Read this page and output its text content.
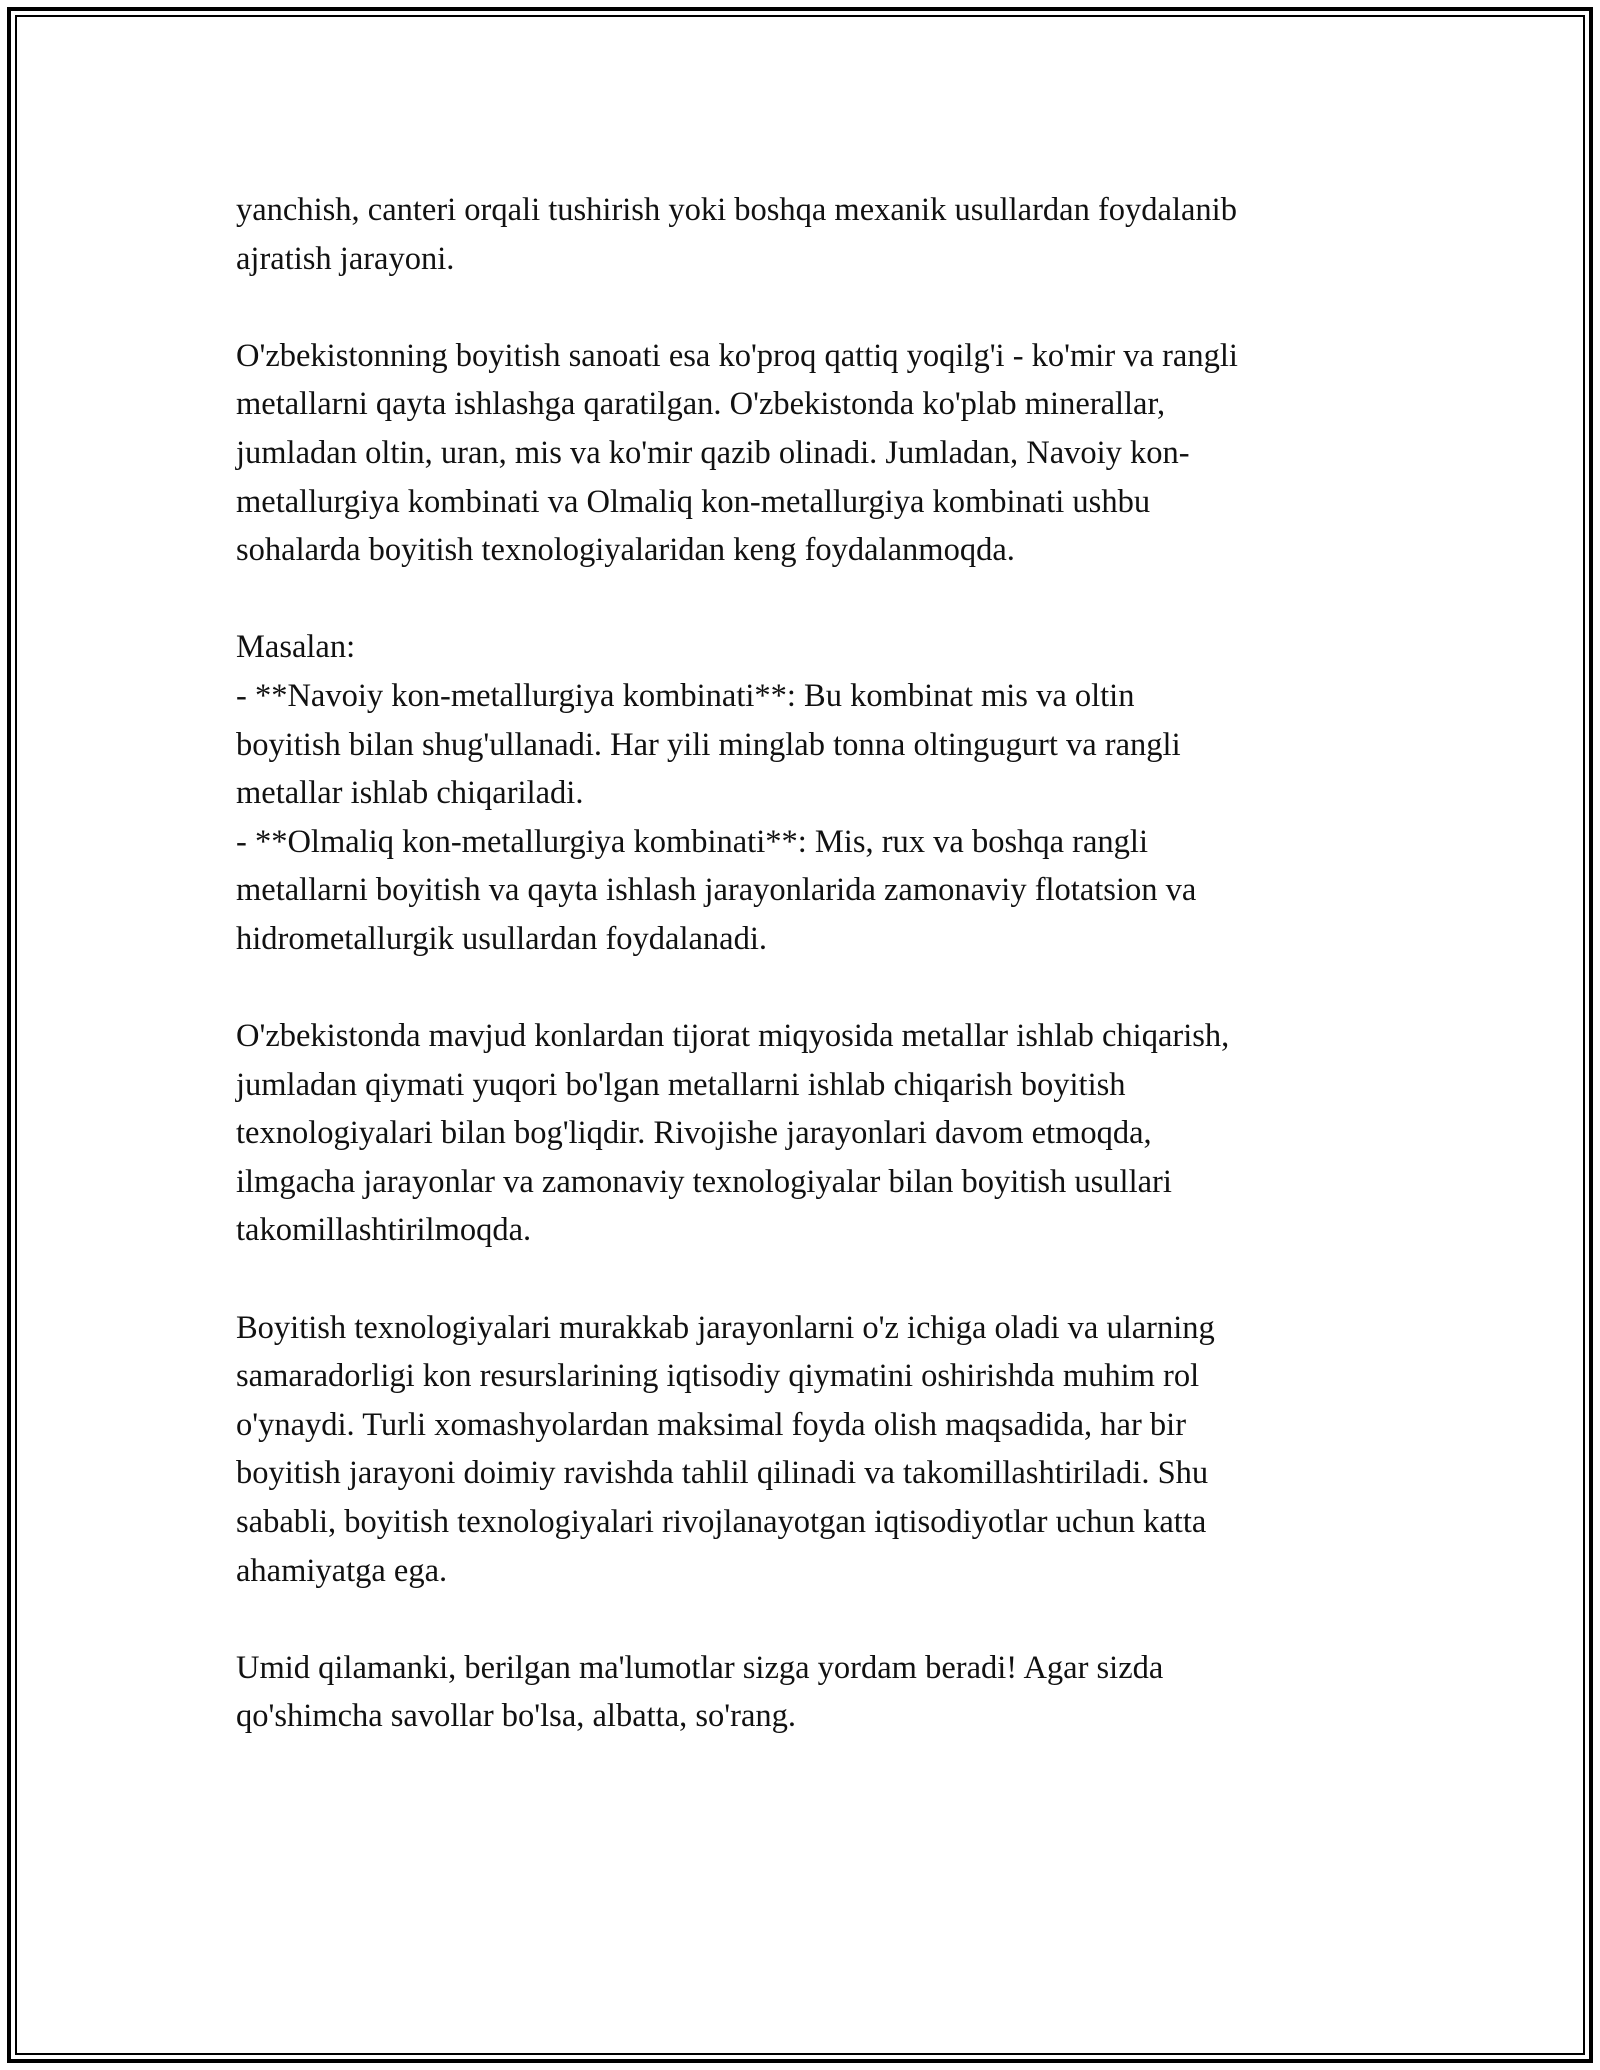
yanchish, canteri orqali tushirish yoki boshqa mexanik usullardan foydalanib
ajratish jarayoni.

O'zbekistonning boyitish sanoati esa ko'proq qattiq yoqilg'i - ko'mir va rangli
metallarni qayta ishlashga qaratilgan. O'zbekistonda ko'plab minerallar,
jumladan oltin, uran, mis va ko'mir qazib olinadi. Jumladan, Navoiy kon-
metallurgiya kombinati va Olmaliq kon-metallurgiya kombinati ushbu
sohalarda boyitish texnologiyalaridan keng foydalanmoqda.

Masalan:
- **Navoiy kon-metallurgiya kombinati**: Bu kombinat mis va oltin
boyitish bilan shug'ullanadi. Har yili minglab tonna oltingugurt va rangli
metallar ishlab chiqariladi.
- **Olmaliq kon-metallurgiya kombinati**: Mis, rux va boshqa rangli
metallarni boyitish va qayta ishlash jarayonlarida zamonaviy flotatsion va
hidrometallurgik usullardan foydalanadi.

O'zbekistonda mavjud konlardan tijorat miqyosida metallar ishlab chiqarish,
jumladan qiymati yuqori bo'lgan metallarni ishlab chiqarish boyitish
texnologiyalari bilan bog'liqdir. Rivojishe jarayonlari davom etmoqda,
ilmgacha jarayonlar va zamonaviy texnologiyalar bilan boyitish usullari
takomillashtirilmoqda.

Boyitish texnologiyalari murakkab jarayonlarni o'z ichiga oladi va ularning
samaradorligi kon resurslarining iqtisodiy qiymatini oshirishda muhim rol
o'ynaydi. Turli xomashyolardan maksimal foyda olish maqsadida, har bir
boyitish jarayoni doimiy ravishda tahlil qilinadi va takomillashtiriladi. Shu
sababli, boyitish texnologiyalari rivojlanayotgan iqtisodiyotlar uchun katta
ahamiyatga ega.

Umid qilamanki, berilgan ma'lumotlar sizga yordam beradi! Agar sizda
qo'shimcha savollar bo'lsa, albatta, so'rang.
